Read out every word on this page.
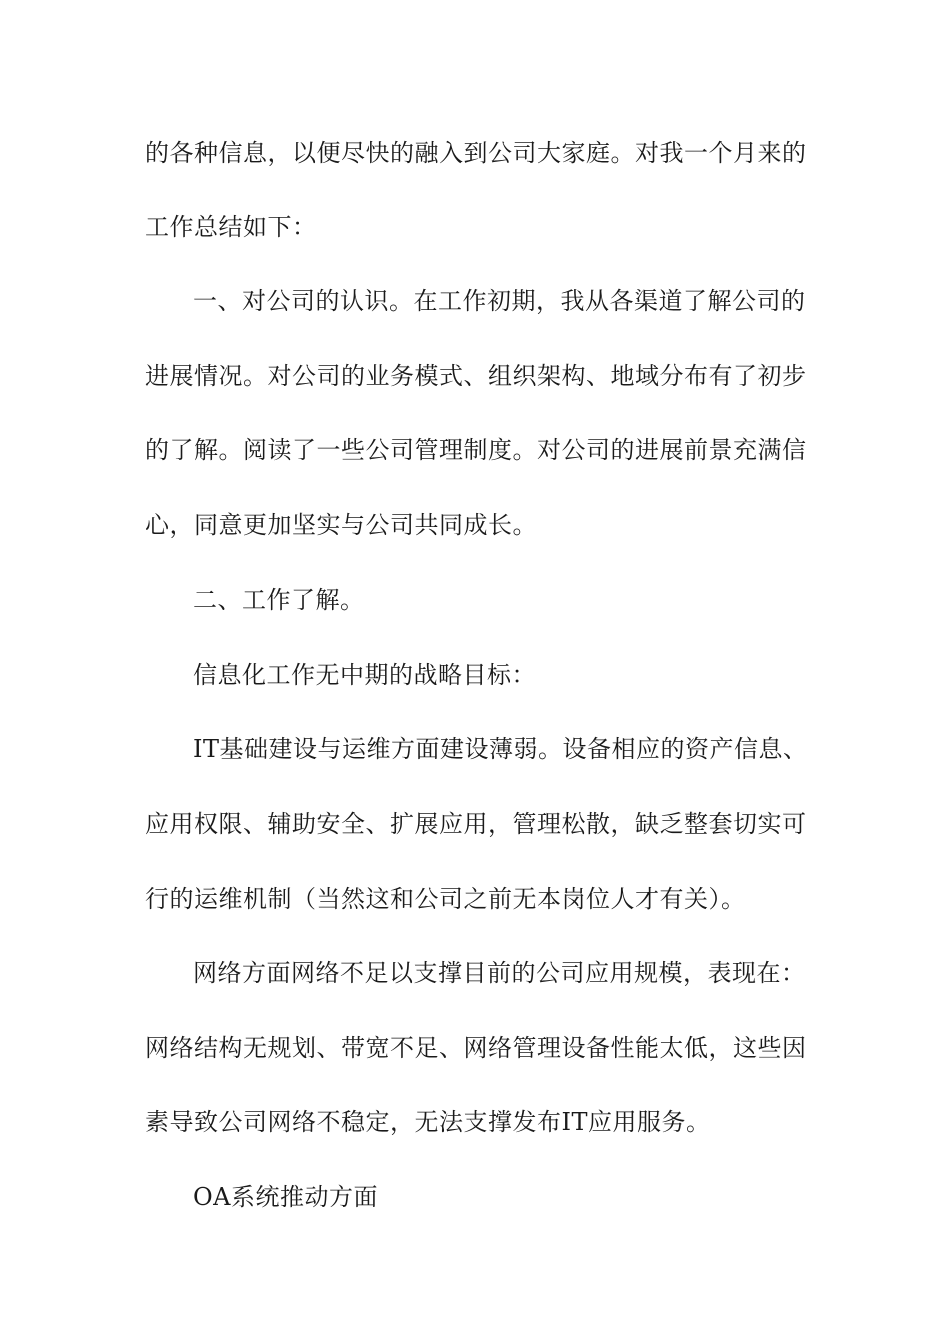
的各种信息，以便尽快的融入到公司大家庭。对我一个月来的
工作总结如下：
一、对公司的认识。在工作初期，我从各渠道了解公司的
进展情况。对公司的业务模式、组织架构、地域分布有了初步
的了解。阅读了一些公司管理制度。对公司的进展前景充满信
心，同意更加坚实与公司共同成长。
二、工作了解。
信息化工作无中期的战略目标：
IT基础建设与运维方面建设薄弱。设备相应的资产信息、
应用权限、辅助安全、扩展应用，管理松散，缺乏整套切实可
行的运维机制（当然这和公司之前无本岗位人才有关）。
网络方面网络不足以支撑目前的公司应用规模，表现在：
网络结构无规划、带宽不足、网络管理设备性能太低，这些因
素导致公司网络不稳定，无法支撑发布IT应用服务。
OA系统推动方面
